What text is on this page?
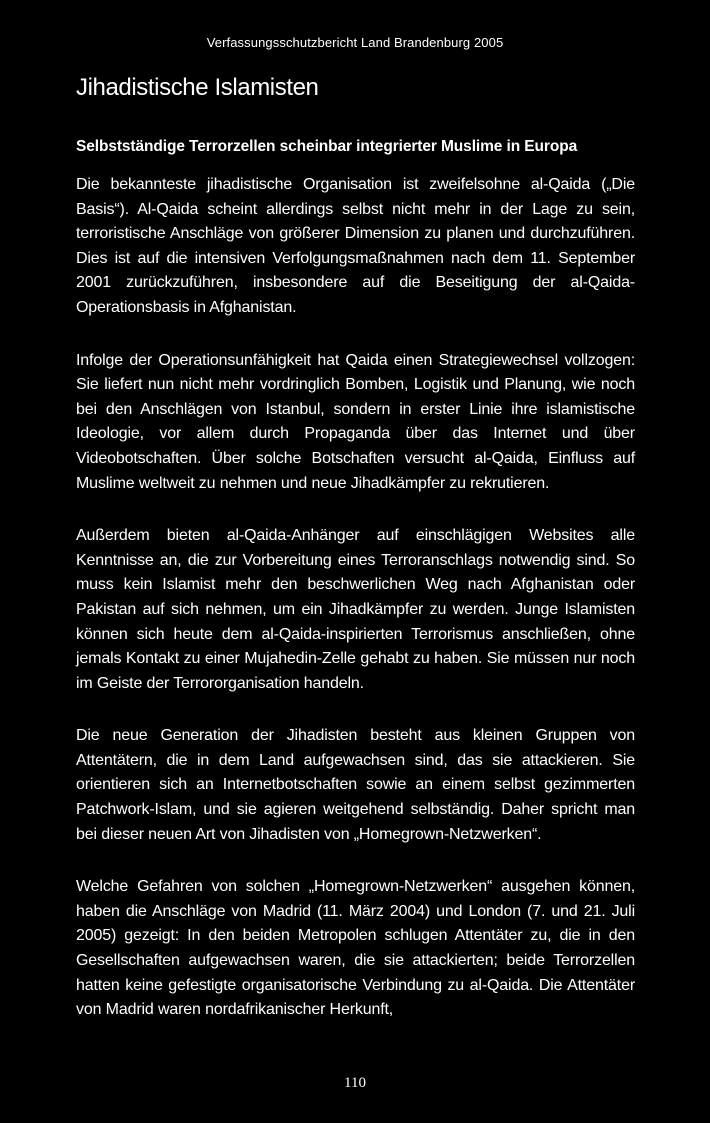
Verfassungsschutzbericht Land Brandenburg 2005
Jihadistische Islamisten
Selbstständige Terrorzellen scheinbar integrierter Muslime in Europa

Die bekannteste jihadistische Organisation ist zweifelsohne al-Qaida („Die Basis“). Al-Qaida scheint allerdings selbst nicht mehr in der Lage zu sein, terroristische Anschläge von größerer Dimension zu planen und durchzuführen. Dies ist auf die intensiven Verfolgungsmaßnahmen nach dem 11. September 2001 zurückzuführen, insbesondere auf die Beseitigung der al-Qaida-Operationsbasis in Afghanistan.

Infolge der Operationsunfähigkeit hat Qaida einen Strategiewechsel vollzogen: Sie liefert nun nicht mehr vordringlich Bomben, Logistik und Planung, wie noch bei den Anschlägen von Istanbul, sondern in erster Linie ihre islamistische Ideologie, vor allem durch Propaganda über das Internet und über Videobotschaften. Über solche Botschaften versucht al-Qaida, Einfluss auf Muslime weltweit zu nehmen und neue Jihadkämpfer zu rekrutieren.

Außerdem bieten al-Qaida-Anhänger auf einschlägigen Websites alle Kenntnisse an, die zur Vorbereitung eines Terroranschlags notwendig sind. So muss kein Islamist mehr den beschwerlichen Weg nach Afghanistan oder Pakistan auf sich nehmen, um ein Jihadkämpfer zu werden. Junge Islamisten können sich heute dem al-Qaida-inspirierten Terrorismus anschließen, ohne jemals Kontakt zu einer Mujahedin-Zelle gehabt zu haben. Sie müssen nur noch im Geiste der Terrororganisation handeln.

Die neue Generation der Jihadisten besteht aus kleinen Gruppen von Attentätern, die in dem Land aufgewachsen sind, das sie attackieren. Sie orientieren sich an Internetbotschaften sowie an einem selbst gezimmerten Patchwork-Islam, und sie agieren weitgehend selbständig. Daher spricht man bei dieser neuen Art von Jihadisten von „Homegrown-Netzwerken“.

Welche Gefahren von solchen „Homegrown-Netzwerken“ ausgehen können, haben die Anschläge von Madrid (11. März 2004) und London (7. und 21. Juli 2005) gezeigt: In den beiden Metropolen schlugen Attentäter zu, die in den Gesellschaften aufgewachsen waren, die sie attackierten; beide Terrorzellen hatten keine gefestigte organisatorische Verbindung zu al-Qaida. Die Attentäter von Madrid waren nordafrikanischer Herkunft,

110
